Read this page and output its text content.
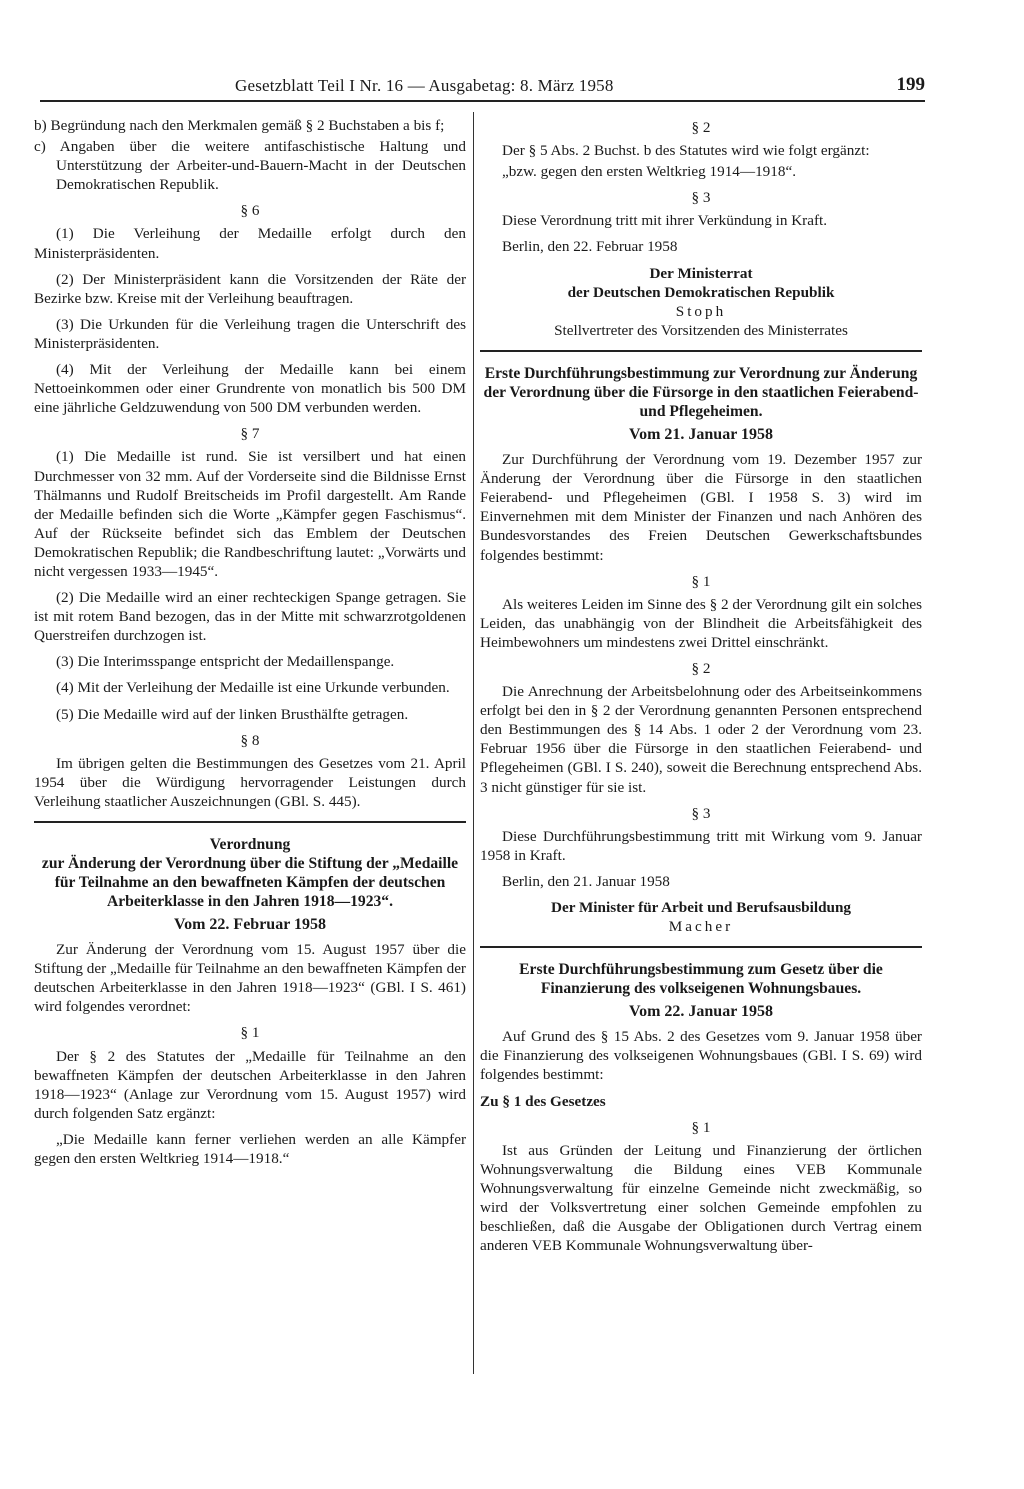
Gesetzblatt Teil I Nr. 16 — Ausgabetag: 8. März 1958	199

b) Begründung nach den Merkmalen gemäß § 2 Buchstaben a bis f;

c) Angaben über die weitere antifaschistische Haltung und Unterstützung der Arbeiter-und-Bauern-Macht in der Deutschen Demokratischen Republik.

§ 6

(1) Die Verleihung der Medaille erfolgt durch den Ministerpräsidenten.

(2) Der Ministerpräsident kann die Vorsitzenden der Räte der Bezirke bzw. Kreise mit der Verleihung beauftragen.

(3) Die Urkunden für die Verleihung tragen die Unterschrift des Ministerpräsidenten.

(4) Mit der Verleihung der Medaille kann bei einem Nettoeinkommen oder einer Grundrente von monatlich bis 500 DM eine jährliche Geldzuwendung von 500 DM verbunden werden.

§ 7

(1) Die Medaille ist rund. Sie ist versilbert und hat einen Durchmesser von 32 mm. Auf der Vorderseite sind die Bildnisse Ernst Thälmanns und Rudolf Breitscheids im Profil dargestellt. Am Rande der Medaille befinden sich die Worte „Kämpfer gegen Faschismus“. Auf der Rückseite befindet sich das Emblem der Deutschen Demokratischen Republik; die Randbeschriftung lautet: „Vorwärts und nicht vergessen 1933—1945“.

(2) Die Medaille wird an einer rechteckigen Spange getragen. Sie ist mit rotem Band bezogen, das in der Mitte mit schwarzrotgoldenen Querstreifen durchzogen ist.

(3) Die Interimsspange entspricht der Medaillenspange.

(4) Mit der Verleihung der Medaille ist eine Urkunde verbunden.

(5) Die Medaille wird auf der linken Brusthälfte getragen.

§ 8

Im übrigen gelten die Bestimmungen des Gesetzes vom 21. April 1954 über die Würdigung hervorragender Leistungen durch Verleihung staatlicher Auszeichnungen (GBl. S. 445).

Verordnung

zur Änderung der Verordnung über die Stiftung der „Medaille für Teilnahme an den bewaffneten Kämpfen der deutschen Arbeiterklasse in den Jahren 1918—1923“.

Vom 22. Februar 1958

Zur Änderung der Verordnung vom 15. August 1957 über die Stiftung der „Medaille für Teilnahme an den bewaffneten Kämpfen der deutschen Arbeiterklasse in den Jahren 1918—1923“ (GBl. I S. 461) wird folgendes verordnet:

§ 1

Der § 2 des Statutes der „Medaille für Teilnahme an den bewaffneten Kämpfen der deutschen Arbeiterklasse in den Jahren 1918—1923“ (Anlage zur Verordnung vom 15. August 1957) wird durch folgenden Satz ergänzt:

„Die Medaille kann ferner verliehen werden an alle Kämpfer gegen den ersten Weltkrieg 1914—1918.“

§ 2

Der § 5 Abs. 2 Buchst. b des Statutes wird wie folgt ergänzt:

„bzw. gegen den ersten Weltkrieg 1914—1918“.

§ 3

Diese Verordnung tritt mit ihrer Verkündung in Kraft.

Berlin, den 22. Februar 1958

Der Ministerrat

der Deutschen Demokratischen Republik

Stoph

Stellvertreter des Vorsitzenden des Ministerrates

Erste Durchführungsbestimmung zur Verordnung zur Änderung der Verordnung über die Fürsorge in den staatlichen Feierabend- und Pflegeheimen.

Vom 21. Januar 1958

Zur Durchführung der Verordnung vom 19. Dezember 1957 zur Änderung der Verordnung über die Fürsorge in den staatlichen Feierabend- und Pflegeheimen (GBl. I 1958 S. 3) wird im Einvernehmen mit dem Minister der Finanzen und nach Anhören des Bundesvorstandes des Freien Deutschen Gewerkschaftsbundes folgendes bestimmt:

§ 1

Als weiteres Leiden im Sinne des § 2 der Verordnung gilt ein solches Leiden, das unabhängig von der Blindheit die Arbeitsfähigkeit des Heimbewohners um mindestens zwei Drittel einschränkt.

§ 2

Die Anrechnung der Arbeitsbelohnung oder des Arbeitseinkommens erfolgt bei den in § 2 der Verordnung genannten Personen entsprechend den Bestimmungen des § 14 Abs. 1 oder 2 der Verordnung vom 23. Februar 1956 über die Fürsorge in den staatlichen Feierabend- und Pflegeheimen (GBl. I S. 240), soweit die Berechnung entsprechend Abs. 3 nicht günstiger für sie ist.

§ 3

Diese Durchführungsbestimmung tritt mit Wirkung vom 9. Januar 1958 in Kraft.

Berlin, den 21. Januar 1958

Der Minister für Arbeit und Berufsausbildung

Macher

Erste Durchführungsbestimmung zum Gesetz über die Finanzierung des volkseigenen Wohnungsbaues.

Vom 22. Januar 1958

Auf Grund des § 15 Abs. 2 des Gesetzes vom 9. Januar 1958 über die Finanzierung des volkseigenen Wohnungsbaues (GBl. I S. 69) wird folgendes bestimmt:

Zu § 1 des Gesetzes

§ 1

Ist aus Gründen der Leitung und Finanzierung der örtlichen Wohnungsverwaltung die Bildung eines VEB Kommunale Wohnungsverwaltung für einzelne Gemeinde nicht zweckmäßig, so wird der Volksvertretung einer solchen Gemeinde empfohlen zu beschließen, daß die Ausgabe der Obligationen durch Vertrag einem anderen VEB Kommunale Wohnungsverwaltung über-
